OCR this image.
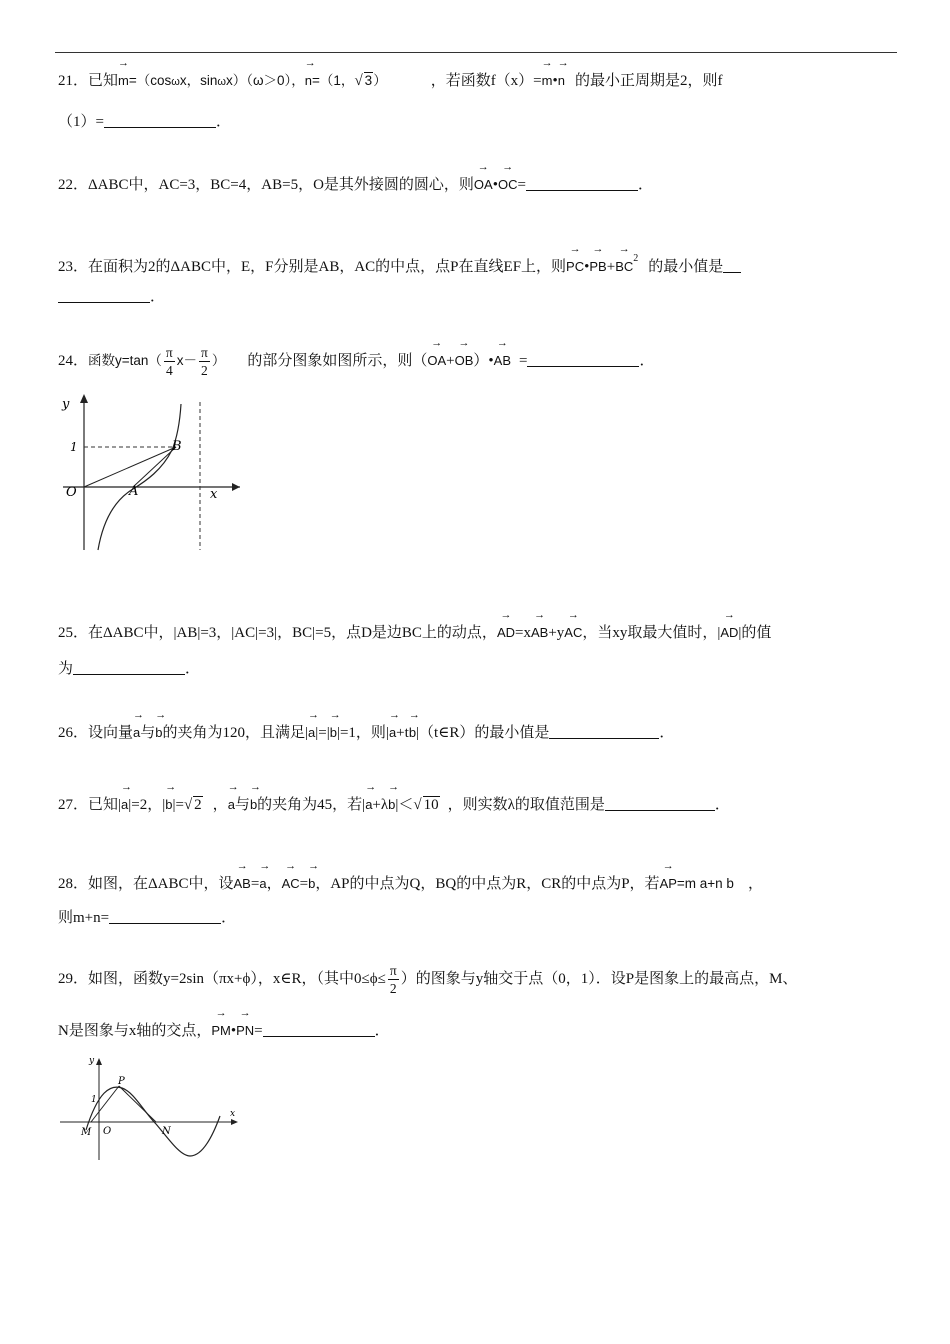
21．已知→ m=（cosωx，sinωx）（ω＞0），→ n=（1，√ 3）	，若函数f（x）=→ m•→ n 的最小正周期是2，则f
（1）=	．
22．ΔABC中，AC=3，BC=4，AB=5，O是其外接圆的圆心，则→ OA•→ OC=	．
23．在面积为2的ΔABC中，E，F分别是AB，AC的中点，点P在直线EF上，则→ PC•→ $PB+\to BC^2$的最小值是
．
24．函数$y=\tan( \frac{\pi}{4} x- \frac{\pi}{2}$ ） 的部分图象如图所示，则（→ OA+→ OB）•→ AB =	．
y
1
O	A
B
x
25．在ΔABC中，|AB|=3，|AC|=3|，BC|=5，点D是边BC上的动点，→ AD=x→ AB+y→ AC，当xy取最大值时，|→ AD|的值
为	．
26．设向量→ a与→ b的夹角为120，且满足|→ a|=|→ b|=1，则|→ a+t→ b|（t∈R）的最小值是	．
27．已知|→ a|=2，|→ b|=√ 2 ，→ a与→ b的夹角为45，若|→ a+λ→ b|＜√ 10 ，则实数λ的取值范围是	．
28．如图，在ΔABC中，设→ AB=→ a，→ AC=→ b，AP的中点为Q，BQ的中点为R，CR的中点为P，若→ AP=m a+n b ，
则m+n=	．
29．如图，函数y=2sin（πx+ϕ），x∈R，（其中$0\le\phi\le \frac{\pi}{2}$ ）的图象与y轴交于点（0，1）．设P是图象上的最高点，M、
N是图象与x轴的交点，→ PM•→ PN=	．
y
1
P
M O	N
x
